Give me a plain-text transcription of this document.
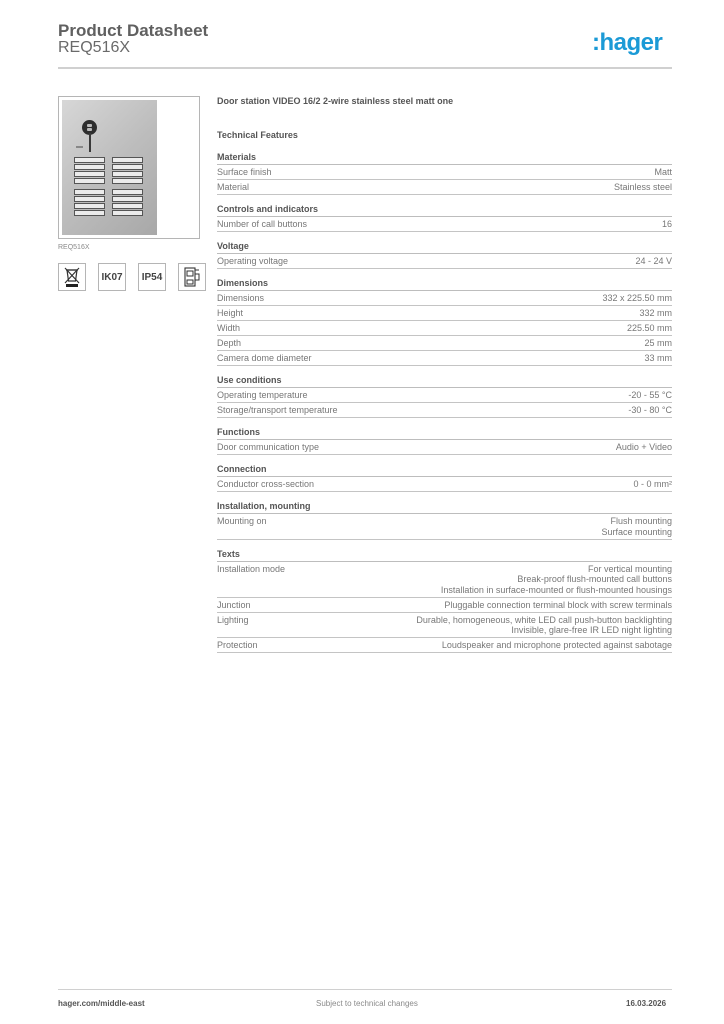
Product Datasheet
REQ516X	:hager
REQ516X
IK07	IP54
Door station VIDEO 16/2 2-wire stainless steel matt one
Technical Features
Materials
Surface finish	Matt
Material	Stainless steel
Controls and indicators
Number of call buttons	16
Voltage
Operating voltage	24 - 24 V
Dimensions
Dimensions	332 x 225.50 mm
Height	332 mm
Width	225.50 mm
Depth	25 mm
Camera dome diameter	33 mm
Use conditions
Operating temperature	-20 - 55 °C
Storage/transport temperature	-30 - 80 °C
Functions
Door communication type	Audio + Video
Connection
Conductor cross-section	0 - 0 mm²
Installation, mounting
Mounting on	Flush mounting
Surface mounting
Texts
Installation mode	For vertical mounting
Break-proof flush-mounted call buttons
Installation in surface-mounted or flush-mounted housings
Junction	Pluggable connection terminal block with screw terminals
Lighting	Durable, homogeneous, white LED call push-button backlighting
Invisible, glare-free IR LED night lighting
Protection	Loudspeaker and microphone protected against sabotage
hager.com/middle-east	Subject to technical changes	16.03.2026
